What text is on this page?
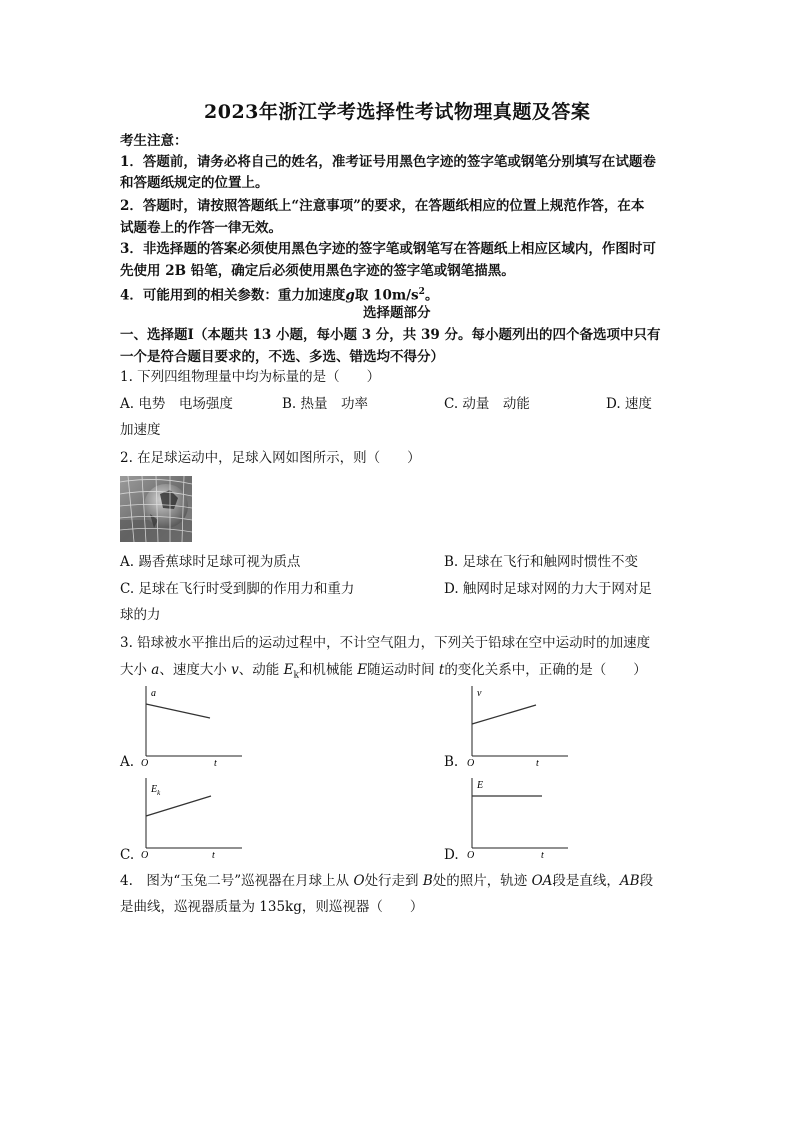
2023年浙江学考选择性考试物理真题及答案
考生注意：
1．答题前，请务必将自己的姓名，准考证号用黑色字迹的签字笔或钢笔分别填写在试题卷
和答题纸规定的位置上。
2．答题时，请按照答题纸上“注意事项”的要求，在答题纸相应的位置上规范作答，在本
试题卷上的作答一律无效。
3．非选择题的答案必须使用黑色字迹的签字笔或钢笔写在答题纸上相应区域内，作图时可
先使用 2B 铅笔，确定后必须使用黑色字迹的签字笔或钢笔描黑。
4．可能用到的相关参数：重力加速度g取 $10m/s^2$。
选择题部分
一、选择题Ⅰ（本题共 13 小题，每小题 3 分，共 39 分。每小题列出的四个备选项中只有
一个是符合题目要求的，不选、多选、错选均不得分）
1. 下列四组物理量中均为标量的是（　　）
A. 电势　电场强度	B. 热量　功率	C. 动量　动能	D. 速度
加速度
2. 在足球运动中，足球入网如图所示，则（　　）
A. 踢香蕉球时足球可视为质点	B. 足球在飞行和触网时惯性不变
C. 足球在飞行时受到脚的作用力和重力	D. 触网时足球对网的力大于网对足
球的力
3. 铅球被水平推出后的运动过程中，不计空气阻力，下列关于铅球在空中运动时的加速度
大小 a、速度大小 v、动能 $E_k$和机械能 E随运动时间 t的变化关系中，正确的是（　　）
A.
a
O	t	B.
v
O	t
C.
$E_k$
O	t	D.
E
O	t
4.　图为“玉兔二号”巡视器在月球上从 O处行走到 B处的照片，轨迹 OA段是直线，AB段
是曲线，巡视器质量为 135kg，则巡视器（　　）
